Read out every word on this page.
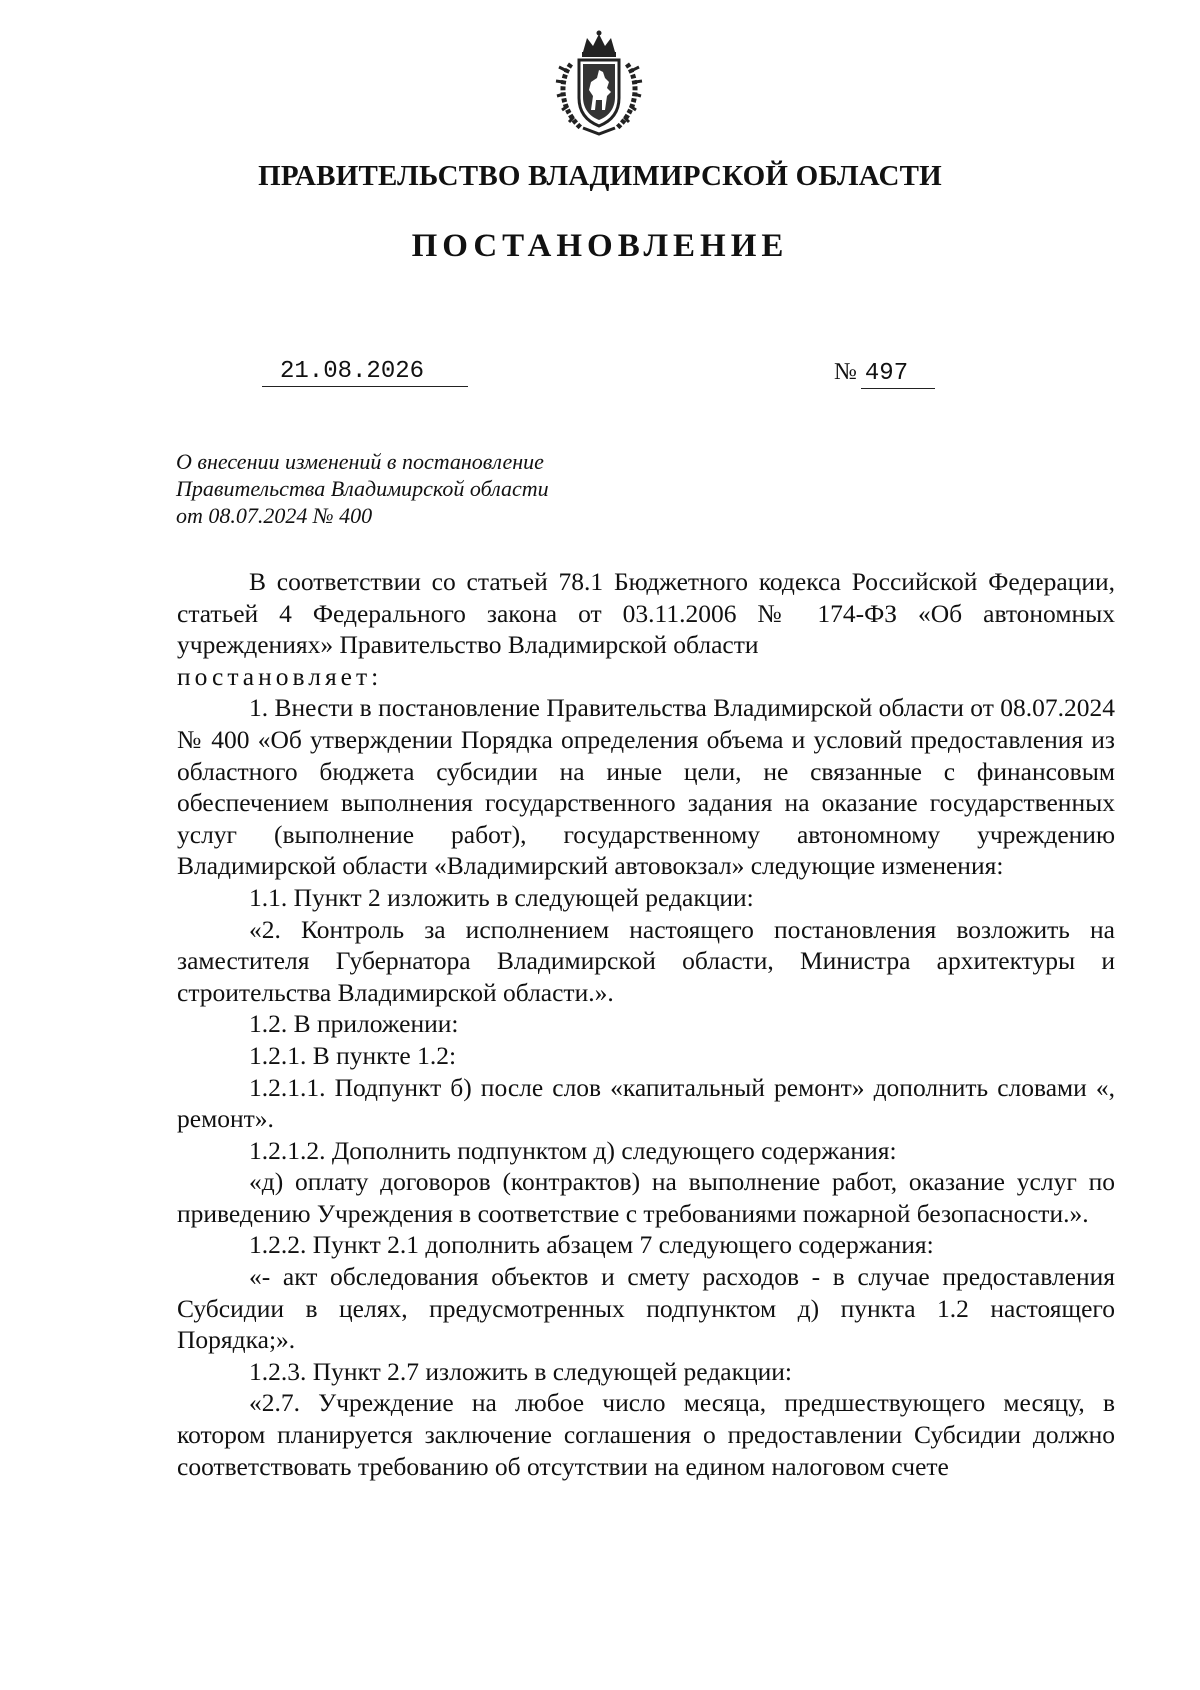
ПРАВИТЕЛЬСТВО ВЛАДИМИРСКОЙ ОБЛАСТИ
ПОСТАНОВЛЕНИЕ
21.08.2026	№ 497
О внесении изменений в постановление
Правительства Владимирской области
от 08.07.2024 № 400

В соответствии со статьей 78.1 Бюджетного кодекса Российской Федерации, статьей 4 Федерального закона от 03.11.2006 № 174-ФЗ «Об автономных учреждениях» Правительство Владимирской области

постановляет:

1. Внести в постановление Правительства Владимирской области от 08.07.2024 № 400 «Об утверждении Порядка определения объема и условий предоставления из областного бюджета субсидии на иные цели, не связанные с финансовым обеспечением выполнения государственного задания на оказание государственных услуг (выполнение работ), государственному автономному учреждению Владимирской области «Владимирский автовокзал» следующие изменения:

1.1. Пункт 2 изложить в следующей редакции:

«2. Контроль за исполнением настоящего постановления возложить на заместителя Губернатора Владимирской области, Министра архитектуры и строительства Владимирской области.».

1.2. В приложении:

1.2.1. В пункте 1.2:

1.2.1.1. Подпункт б) после слов «капитальный ремонт» дополнить словами «, ремонт».

1.2.1.2. Дополнить подпунктом д) следующего содержания:

«д) оплату договоров (контрактов) на выполнение работ, оказание услуг по приведению Учреждения в соответствие с требованиями пожарной безопасности.».

1.2.2. Пункт 2.1 дополнить абзацем 7 следующего содержания:

«- акт обследования объектов и смету расходов - в случае предоставления Субсидии в целях, предусмотренных подпунктом д) пункта 1.2 настоящего Порядка;».

1.2.3. Пункт 2.7 изложить в следующей редакции:

«2.7. Учреждение на любое число месяца, предшествующего месяцу, в котором планируется заключение соглашения о предоставлении Субсидии должно соответствовать требованию об отсутствии на едином налоговом счете
